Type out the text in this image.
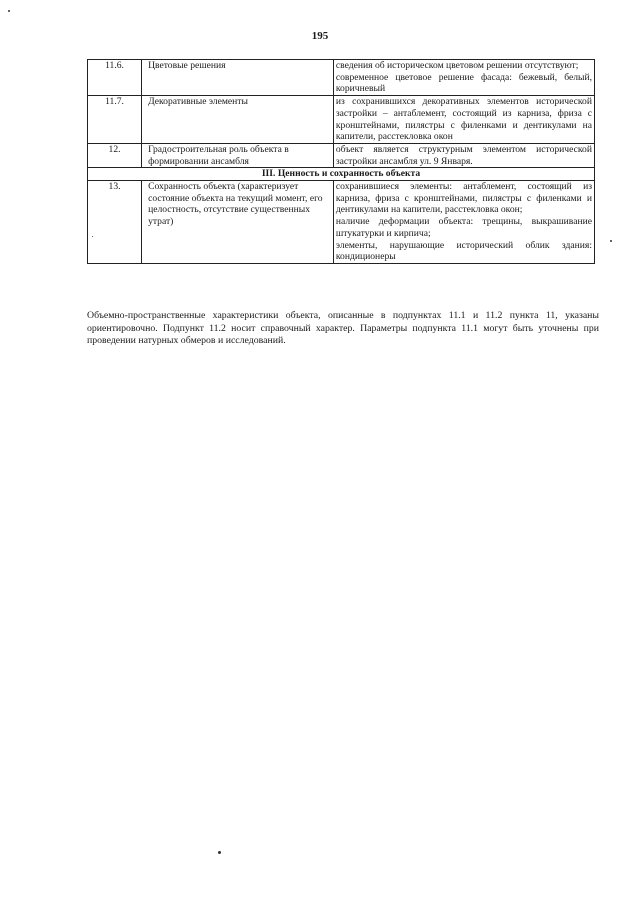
195
11.6.	Цветовые решения	сведения об историческом цветовом решении отсутствуют;
современное цветовое решение фасада: бежевый, белый, коричневый

11.7.	Декоративные элементы	из сохранившихся декоративных элементов исторической застройки – антаблемент, состоящий из карниза, фриза с кронштейнами, пилястры с филенками и дентикулами на капители, расстекловка окон

12.	Градостроительная роль объекта в формировании ансамбля	объект является структурным элементом исторической застройки ансамбля ул. 9 Января.

III. Ценность и сохранность объекта		
13.	Сохранность объекта (характеризует состояние объекта на текущий момент, его целостность, отсутствие существенных утрат)	сохранившиеся элементы: антаблемент, состоящий из карниза, фриза с кронштейнами, пилястры с филенками и дентикулами на капители, расстекловка окон;
наличие деформации объекта: трещины, выкрашивание штукатурки и кирпича;
элементы, нарушающие исторический облик здания: кондиционеры

Объемно-пространственные характеристики объекта, описанные в подпунктах 11.1 и 11.2 пункта 11, указаны ориентировочно. Подпункт 11.2 носит справочный характер. Параметры подпункта 11.1 могут быть уточнены при проведении натурных обмеров и исследований.
